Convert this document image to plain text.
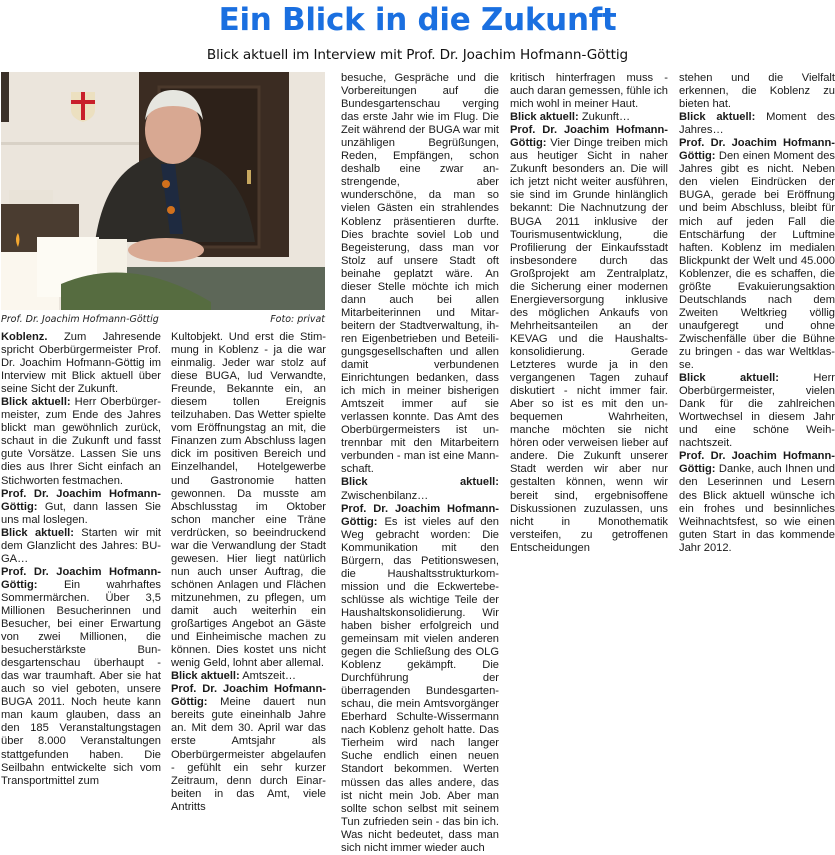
Ein Blick in die Zukunft
Blick aktuell im Interview mit Prof. Dr. Joachim Hofmann-Göttig
Prof. Dr. Joachim Hofmann-Göttig	Foto: privat

Koblenz. Zum Jahresende spricht Oberbürgermeister Prof. Dr. Joachim Hofmann-Göttig im Interview mit Blick aktuell über seine Sicht der Zukunft.

Blick aktuell: Herr Oberbürgermeister, zum Ende des Jahres blickt man gewöhnlich zurück, schaut in die Zukunft und fasst gute Vorsätze. Lassen Sie uns dies aus Ihrer Sicht einfach an Stichworten festmachen.

Prof. Dr. Joachim Hofmann-Göttig: Gut, dann lassen Sie uns mal loslegen.

Blick aktuell: Starten wir mit dem Glanzlicht des Jahres: BUGA…

Prof. Dr. Joachim Hofmann-Göttig: Ein wahrhaftes Sommermärchen. Über 3,5 Millionen Besucherinnen und Besucher, bei einer Erwartung von zwei Millionen, die besucherstärkste Bundesgartenschau überhaupt - das war traumhaft. Aber sie hat auch so viel geboten, unsere BUGA 2011. Noch heute kann man kaum glauben, dass an den 185 Veranstaltungstagen über 8.000 Veranstaltungen stattgefunden haben. Die Seilbahn entwickelte sich vom Transportmittel zum

Kultobjekt. Und erst die Stimmung in Koblenz - ja die war einmalig. Jeder war stolz auf diese BUGA, lud Verwandte, Freunde, Bekannte ein, an diesem tollen Ereignis teilzuhaben. Das Wetter spielte vom Eröffnungstag an mit, die Finanzen zum Abschluss lagen dick im positiven Bereich und Einzelhandel, Hotelgewerbe und Gastronomie hatten gewonnen. Da musste am Abschlusstag im Oktober schon mancher eine Träne verdrücken, so beeindruckend war die Verwandlung der Stadt gewesen. Hier liegt natürlich nun auch unser Auftrag, die schönen Anlagen und Flächen mitzunehmen, zu pflegen, um damit auch weiterhin ein großartiges Angebot an Gäste und Einheimische machen zu können. Dies kostet uns nicht wenig Geld, lohnt aber allemal.

Blick aktuell: Amtszeit…

Prof. Dr. Joachim Hofmann-Göttig: Meine dauert nun bereits gute eineinhalb Jahre an. Mit dem 30. April war das erste Amtsjahr als Oberbürgermeister abgelaufen - gefühlt ein sehr kurzer Zeitraum, denn durch Einarbeiten in das Amt, viele Antritts

besuche, Gespräche und die Vorbereitungen auf die Bundesgartenschau verging das erste Jahr wie im Flug. Die Zeit während der BUGA war mit unzähligen Begrüßungen, Reden, Empfängen, schon deshalb eine zwar anstrengende, aber wunderschöne, da man so vielen Gästen ein strahlendes Koblenz präsentieren durfte. Dies brachte soviel Lob und Begeisterung, dass man vor Stolz auf unsere Stadt oft beinahe geplatzt wäre. An dieser Stelle möchte ich mich dann auch bei allen Mitarbeiterinnen und Mitarbeitern der Stadtverwaltung, ihren Eigenbetrieben und Beteiligungsgesellschaften und allen damit verbundenen Einrichtungen bedanken, dass ich mich in meiner bisherigen Amtszeit immer auf sie verlassen konnte. Das Amt des Oberbürgermeisters ist untrennbar mit den Mitarbeitern verbunden - man ist eine Mannschaft.

Blick aktuell: Zwischenbilanz…

Prof. Dr. Joachim Hofmann-Göttig: Es ist vieles auf den Weg gebracht worden: Die Kommunikation mit den Bürgern, das Petitionswesen, die Haushaltsstrukturkommission und die Eckwertebeschlüsse als wichtige Teile der Haushaltskonsolidierung. Wir haben bisher erfolgreich und gemeinsam mit vielen anderen gegen die Schließung des OLG Koblenz gekämpft. Die Durchführung der überragenden Bundesgartenschau, die mein Amtsvorgänger Eberhard Schulte-Wissermann nach Koblenz geholt hatte. Das Tierheim wird nach langer Suche endlich einen neuen Standort bekommen. Werten müssen das alles andere, das ist nicht mein Job. Aber man sollte schon selbst mit seinem Tun zufrieden sein - das bin ich. Was nicht bedeutet, dass man sich nicht immer wieder auch

kritisch hinterfragen muss - auch daran gemessen, fühle ich mich wohl in meiner Haut.

Blick aktuell: Zukunft…

Prof. Dr. Joachim Hofmann-Göttig: Vier Dinge treiben mich aus heutiger Sicht in naher Zukunft besonders an. Die will ich jetzt nicht weiter ausführen, sie sind im Grunde hinlänglich bekannt: Die Nachnutzung der BUGA 2011 inklusive der Tourismusentwicklung, die Profilierung der Einkaufsstadt insbesondere durch das Großprojekt am Zentralplatz, die Sicherung einer modernen Energieversorgung inklusive des möglichen Ankaufs von Mehrheitsanteilen an der KEVAG und die Haushaltskonsolidierung. Gerade Letzteres wurde ja in den vergangenen Tagen zuhauf diskutiert - nicht immer fair. Aber so ist es mit den unbequemen Wahrheiten, manche möchten sie nicht hören oder verweisen lieber auf andere. Die Zukunft unserer Stadt werden wir aber nur gestalten können, wenn wir bereit sind, ergebnisoffene Diskussionen zuzulassen, uns nicht in Monothematik versteifen, zu getroffenen Entscheidungen

stehen und die Vielfalt erkennen, die Koblenz zu bieten hat.

Blick aktuell: Moment des Jahres…

Prof. Dr. Joachim Hofmann-Göttig: Den einen Moment des Jahres gibt es nicht. Neben den vielen Eindrücken der BUGA, gerade bei Eröffnung und beim Abschluss, bleibt für mich auf jeden Fall die Entschärfung der Luftmine haften. Koblenz im medialen Blickpunkt der Welt und 45.000 Koblenzer, die es schaffen, die größte Evakuierungsaktion Deutschlands nach dem Zweiten Weltkrieg völlig unaufgeregt und ohne Zwischenfälle über die Bühne zu bringen - das war Weltklasse.

Blick aktuell: Herr Oberbürgermeister, vielen Dank für die zahlreichen Wortwechsel in diesem Jahr und eine schöne Weihnachtszeit.

Prof. Dr. Joachim Hofmann-Göttig: Danke, auch Ihnen und den Leserinnen und Lesern des Blick aktuell wünsche ich ein frohes und besinnliches Weihnachtsfest, so wie einen guten Start in das kommende Jahr 2012.
